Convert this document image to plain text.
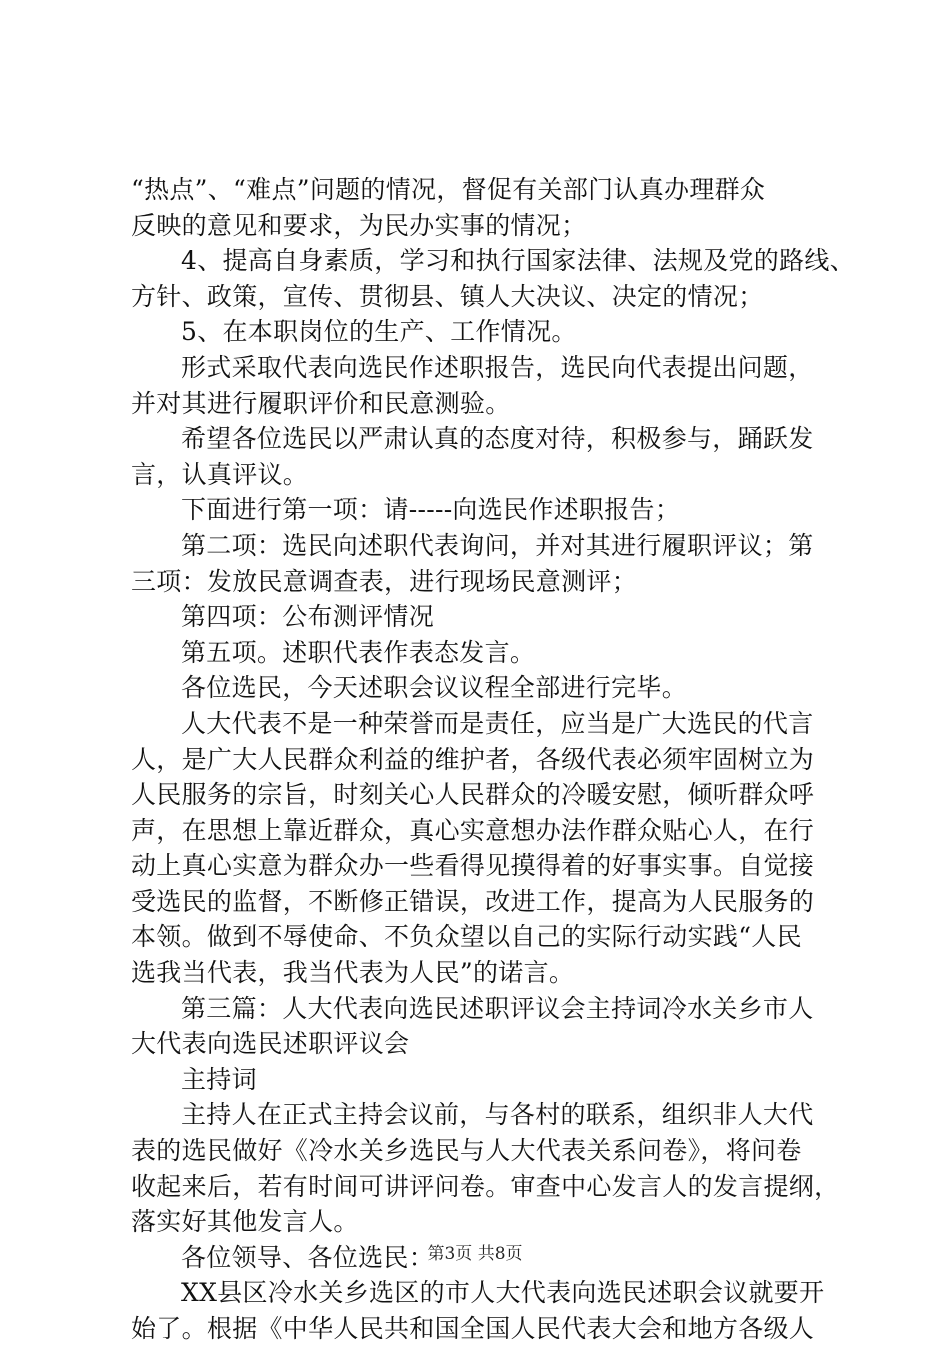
“热点”、“难点”问题的情况，督促有关部门认真办理群众
反映的意见和要求，为民办实事的情况；
4、提高自身素质，学习和执行国家法律、法规及党的路线、
方针、政策，宣传、贯彻县、镇人大决议、决定的情况；
5、在本职岗位的生产、工作情况。
形式采取代表向选民作述职报告，选民向代表提出问题，
并对其进行履职评价和民意测验。
希望各位选民以严肃认真的态度对待，积极参与，踊跃发
言，认真评议。
下面进行第一项：请-----向选民作述职报告；
第二项：选民向述职代表询问，并对其进行履职评议；第
三项：发放民意调查表，进行现场民意测评；
第四项：公布测评情况
第五项。述职代表作表态发言。
各位选民，今天述职会议议程全部进行完毕。
人大代表不是一种荣誉而是责任，应当是广大选民的代言
人，是广大人民群众利益的维护者，各级代表必须牢固树立为
人民服务的宗旨，时刻关心人民群众的冷暖安慰，倾听群众呼
声，在思想上靠近群众，真心实意想办法作群众贴心人，在行
动上真心实意为群众办一些看得见摸得着的好事实事。自觉接
受选民的监督，不断修正错误，改进工作，提高为人民服务的
本领。做到不辱使命、不负众望以自己的实际行动实践“人民
选我当代表，我当代表为人民”的诺言。
第三篇：人大代表向选民述职评议会主持词冷水关乡市人
大代表向选民述职评议会
主持词
主持人在正式主持会议前，与各村的联系，组织非人大代
表的选民做好《冷水关乡选民与人大代表关系问卷》，将问卷
收起来后，若有时间可讲评问卷。审查中心发言人的发言提纲，
落实好其他发言人。
各位领导、各位选民：
XX县区冷水关乡选区的市人大代表向选民述职会议就要开
始了。根据《中华人民共和国全国人民代表大会和地方各级人
第3页 共8页
